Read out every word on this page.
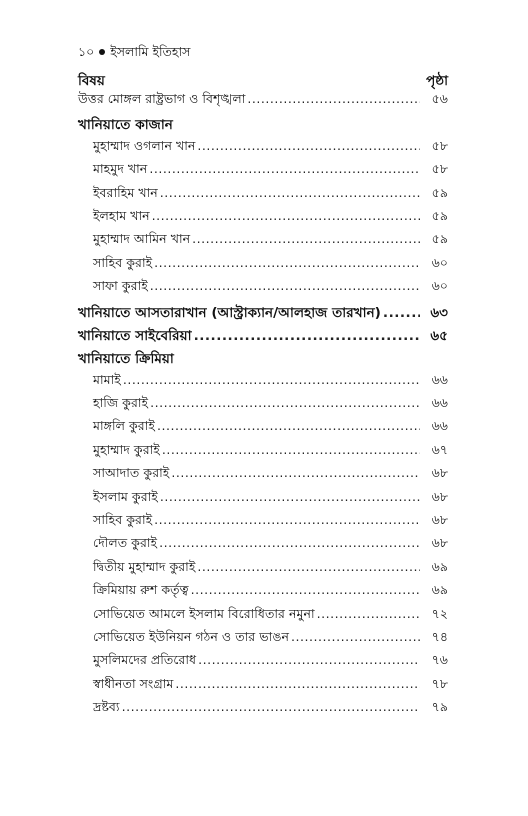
১০ ইসলামি ইতিহাস
বিষয়	পৃষ্ঠা
উত্তর মোঙ্গল রাষ্ট্রভাগ ও বিশৃঙ্খলা .....	৫৬
খানিয়াতে কাজান
মুহাম্মাদ ওগলান খান .....	৫৮
মাহমুদ খান .....	৫৮
ইবরাহিম খান .....	৫৯
ইলহাম খান .....	৫৯
মুহাম্মাদ আমিন খান .....	৫৯
সাহিব কুরাই .....	৬০
সাফা কুরাই .....	৬০
খানিয়াতে আসতারাখান (আস্ট্রাক্যান/আলহাজ তারখান) .....	৬৩
খানিয়াতে সাইবেরিয়া .....	৬৫
খানিয়াতে ক্রিমিয়া
মামাই .....	৬৬
হাজি কুরাই .....	৬৬
মাঙ্গলি কুরাই .....	৬৬
মুহাম্মাদ কুরাই .....	৬৭
সাআদাত কুরাই .....	৬৮
ইসলাম কুরাই .....	৬৮
সাহিব কুরাই .....	৬৮
দৌলত কুরাই .....	৬৮
দ্বিতীয় মুহাম্মাদ কুরাই .....	৬৯
ক্রিমিয়ায় রুশ কর্তৃত্ব .....	৬৯
সোভিয়েত আমলে ইসলাম বিরোধিতার নমুনা .....	৭২
সোভিয়েত ইউনিয়ন গঠন ও তার ভাঙন .....	৭৪
মুসলিমদের প্রতিরোধ .....	৭৬
স্বাধীনতা সংগ্রাম .....	৭৮
দ্রষ্টব্য .....	৭৯
